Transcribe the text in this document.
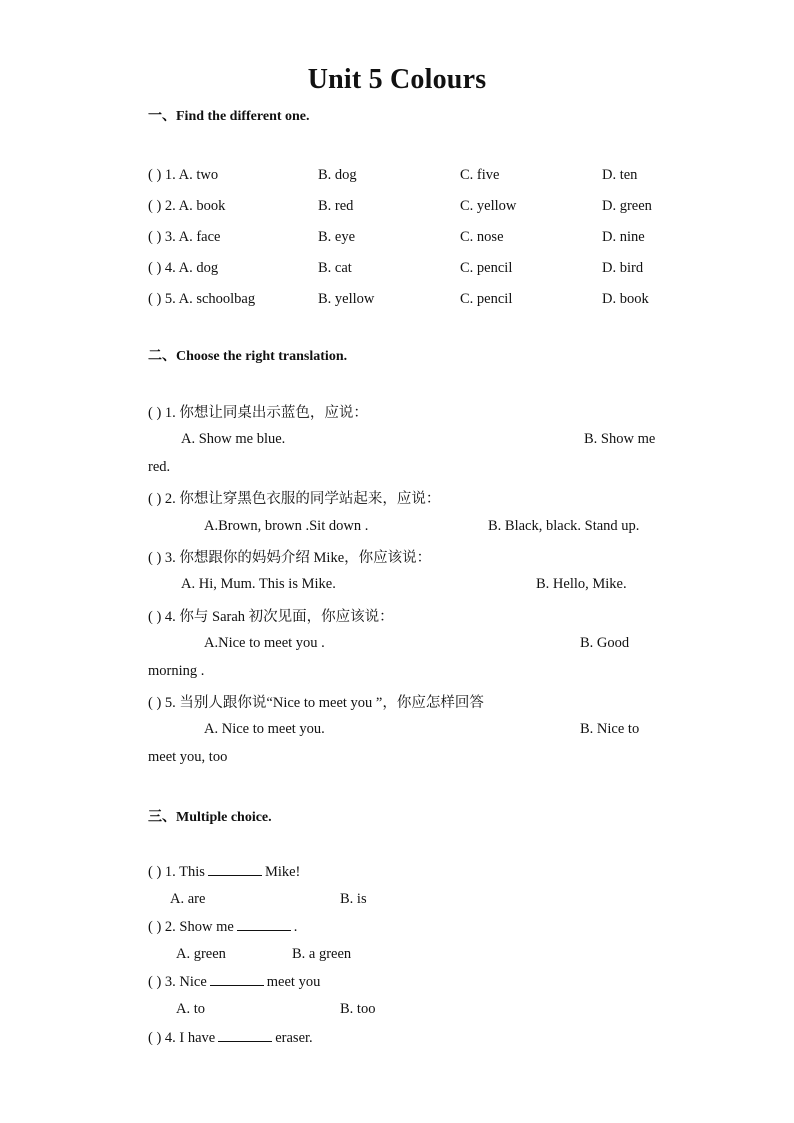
Unit 5 Colours
一、Find the different one.
( ) 1. A. two	B. dog	C. five	D. ten
( ) 2. A. book	B. red	C. yellow	D. green
( ) 3. A. face	B. eye	C. nose	D. nine
( ) 4. A. dog	B. cat	C. pencil	D. bird
( ) 5. A. schoolbag	B. yellow	C. pencil	D. book
二、Choose the right translation.
( ) 1. 你想让同桌出示蓝色，应说：
A. Show me blue.	B. Show me
red.
( ) 2. 你想让穿黑色衣服的同学站起来，应说：
A.Brown, brown .Sit down .	B. Black, black. Stand up.
( ) 3. 你想跟你的妈妈介绍 Mike，你应该说：
A. Hi, Mum. This is Mike.	B. Hello, Mike.
( ) 4. 你与 Sarah 初次见面，你应该说：
A.Nice to meet you .	B. Good
morning .
( ) 5. 当别人跟你说“Nice to meet you ”，你应怎样回答
A. Nice to meet you.	B. Nice to
meet you, too
三、Multiple choice.
( ) 1. This	Mike!
A. are	B. is
( ) 2. Show me	.
A. green	B. a green
( ) 3. Nice	meet you
A. to	B. too
( ) 4. I have	eraser.
